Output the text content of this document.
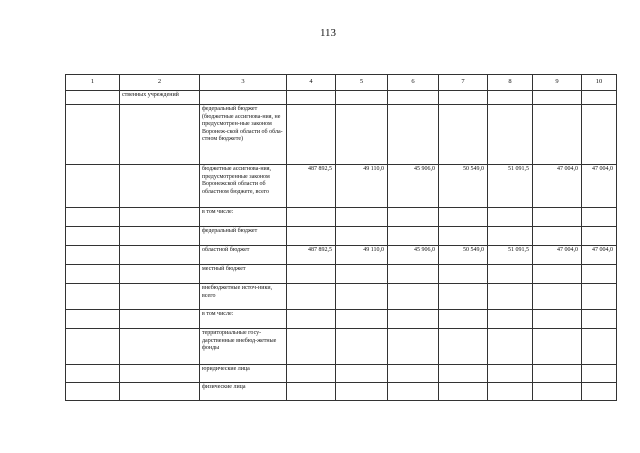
113
1	2	3	4	5	6	7	8	9	10
	ственных учреждений								
		федеральный бюджет (бюджетные ассигнова-ния, не предусмотрен-ные законом Воронеж-ской области об обла-стном бюджете)							
		бюджетные ассигнова-ния, предусмотренные законом Воронежской области об областном бюджете, всего	487 892,5	49 110,0	45 906,0	50 549,0	51 091,5	47 004,0	47 004,0
		в том числе:							
		федеральный бюджет							
		областной бюджет	487 892,5	49 110,0	45 906,0	50 549,0	51 091,5	47 004,0	47 004,0
		местный бюджет							
		внебюджетные источ-ники, всего							
		в том числе:							
		территориальные госу-дарственные внебюд-жетные фонды							
		юридические лица							
		физические лица							
